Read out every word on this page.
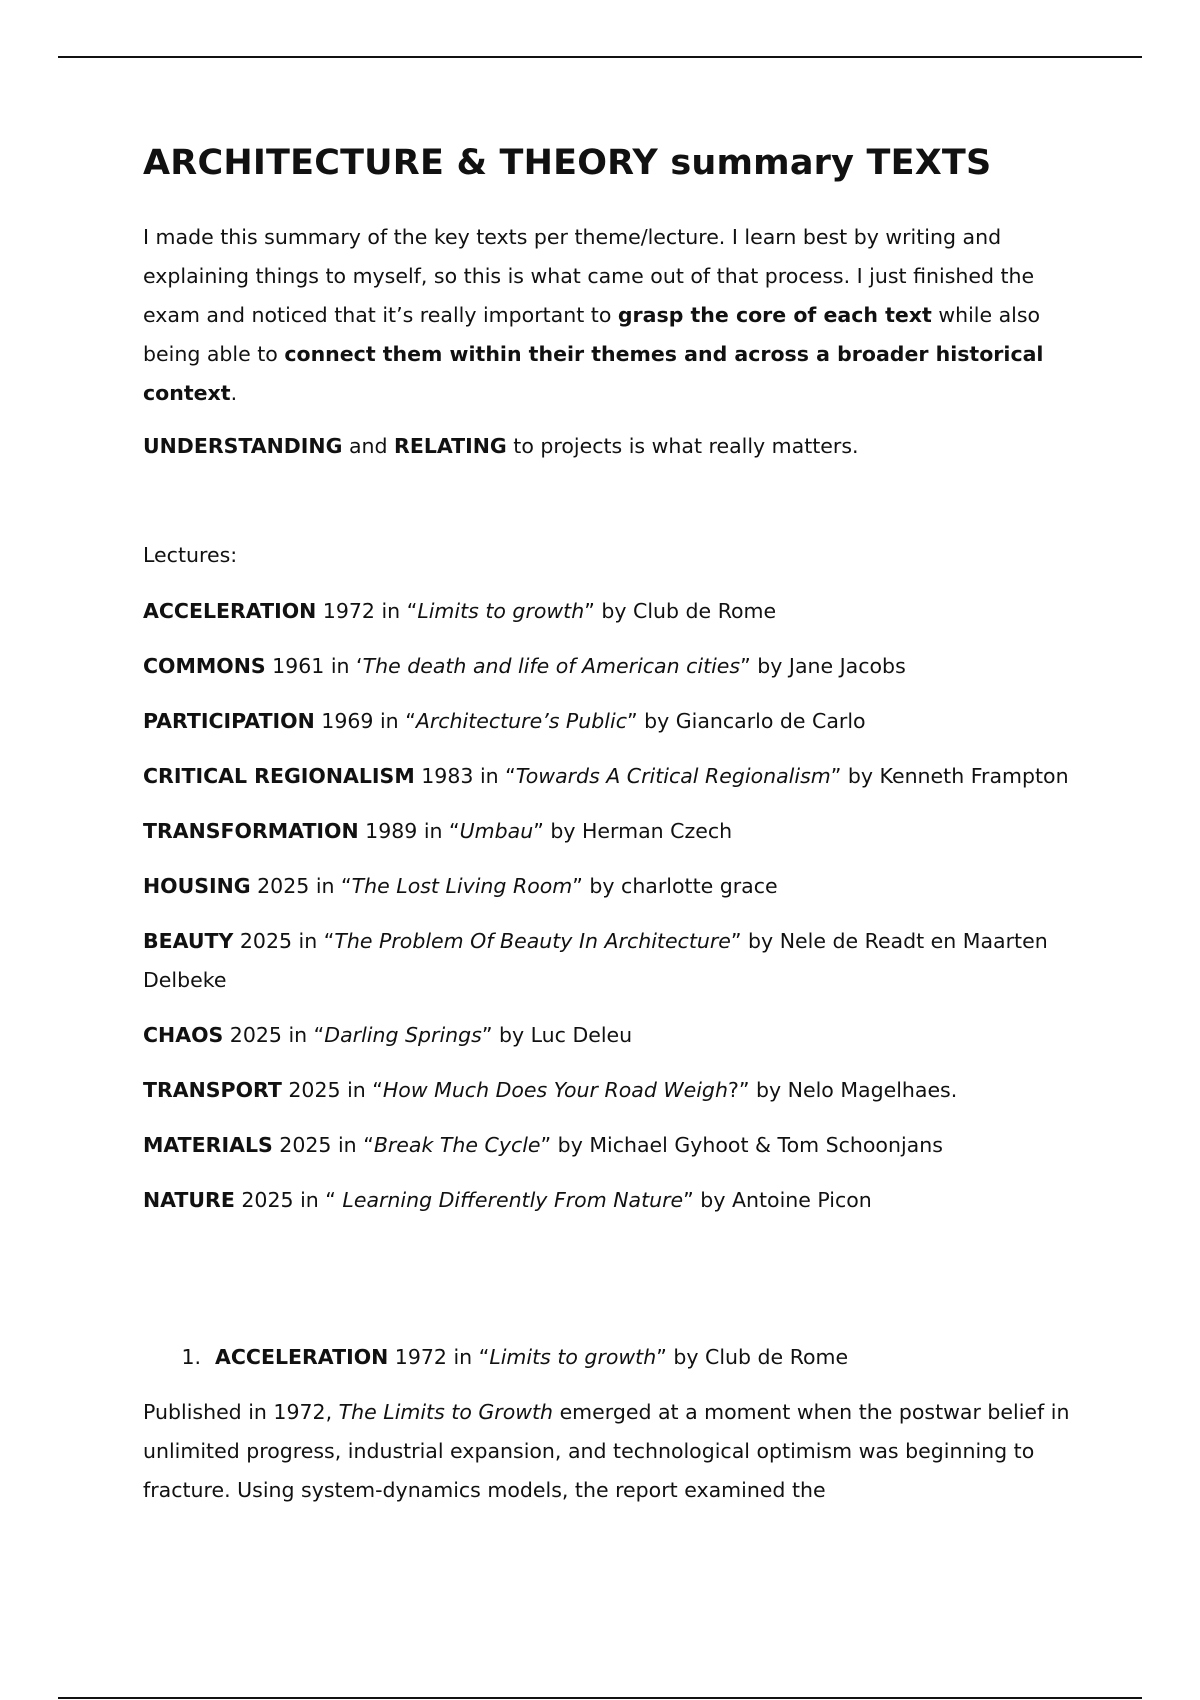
ARCHITECTURE & THEORY summary TEXTS

I made this summary of the key texts per theme/lecture. I learn best by writing and explaining things to myself, so this is what came out of that process. I just finished the exam and noticed that it’s really important to grasp the core of each text while also being able to connect them within their themes and across a broader historical context.

UNDERSTANDING and RELATING to projects is what really matters.

Lectures:

ACCELERATION 1972 in “Limits to growth” by Club de Rome

COMMONS 1961 in ‘The death and life of American cities” by Jane Jacobs

PARTICIPATION 1969 in “Architecture’s Public” by Giancarlo de Carlo

CRITICAL REGIONALISM 1983 in “Towards A Critical Regionalism” by Kenneth Frampton

TRANSFORMATION 1989 in “Umbau” by Herman Czech

HOUSING 2025 in “The Lost Living Room” by charlotte grace

BEAUTY 2025 in “The Problem Of Beauty In Architecture” by Nele de Readt en Maarten Delbeke

CHAOS 2025 in “Darling Springs” by Luc Deleu

TRANSPORT 2025 in “How Much Does Your Road Weigh?” by Nelo Magelhaes.

MATERIALS 2025 in “Break The Cycle” by Michael Gyhoot & Tom Schoonjans

NATURE 2025 in “ Learning Differently From Nature” by Antoine Picon

1. ACCELERATION 1972 in “Limits to growth” by Club de Rome

Published in 1972, The Limits to Growth emerged at a moment when the postwar belief in unlimited progress, industrial expansion, and technological optimism was beginning to fracture. Using system-dynamics models, the report examined the
